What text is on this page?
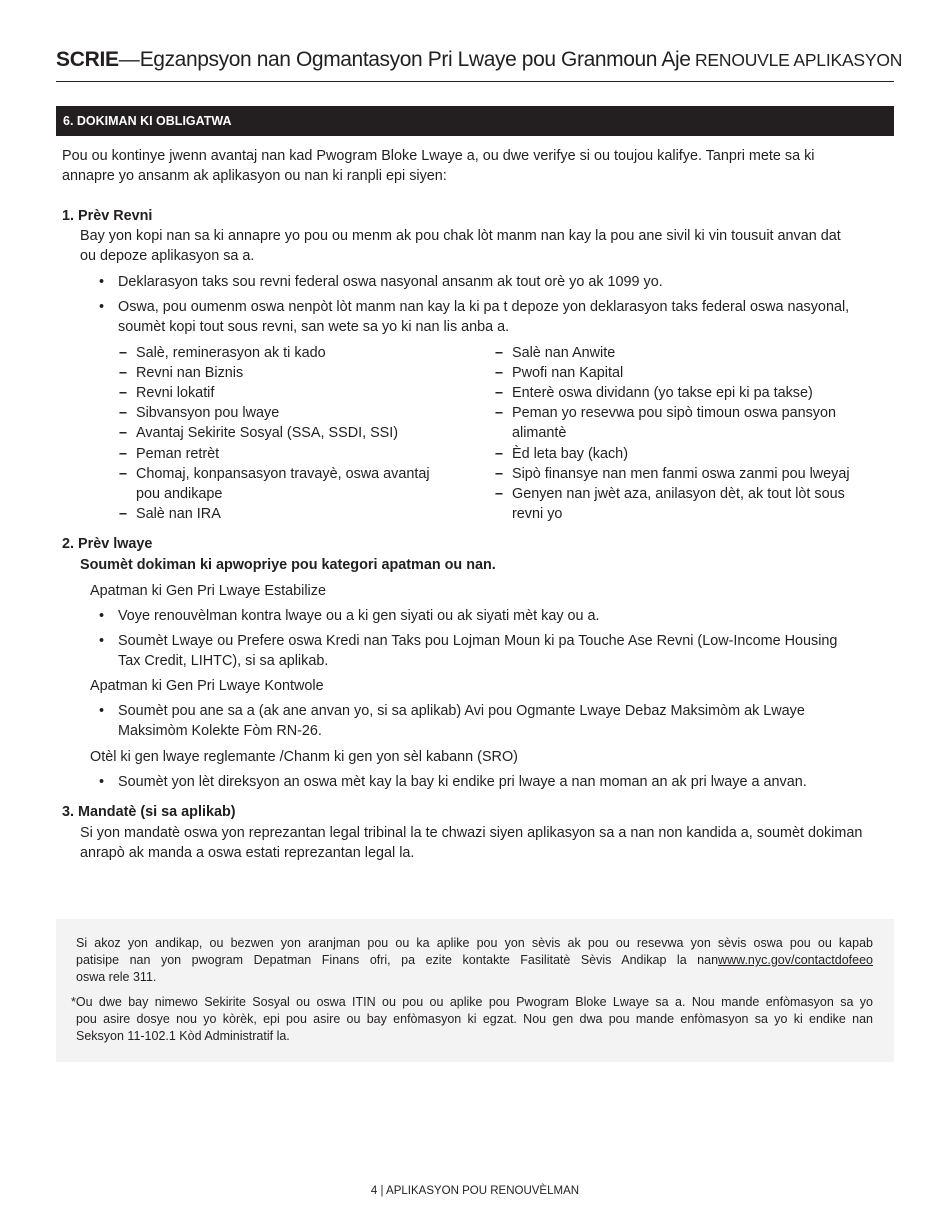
SCRIE—Egzanpsyon nan Ogmantasyon Pri Lwaye pou Granmoun Aje RENOUVLE APLIKASYON
6. DOKIMAN KI OBLIGATWA
Pou ou kontinye jwenn avantaj nan kad Pwogram Bloke Lwaye a, ou dwe verifye si ou toujou kalifye. Tanpri mete sa ki
annapre yo ansanm ak aplikasyon ou nan ki ranpli epi siyen:
1. Prèv Revni
Bay yon kopi nan sa ki annapre yo pou ou menm ak pou chak lòt manm nan kay la pou ane sivil ki vin tousuit anvan dat
ou depoze aplikasyon sa a.
• Deklarasyon taks sou revni federal oswa nasyonal ansanm ak tout orè yo ak 1099 yo.
• Oswa, pou oumenm oswa nenpòt lòt manm nan kay la ki pa t depoze yon deklarasyon taks federal oswa nasyonal,
soumèt kopi tout sous revni, san wete sa yo ki nan lis anba a.
– Salè, reminerasyon ak ti kado
– Revni nan Biznis
– Revni lokatif
– Sibvansyon pou lwaye
– Avantaj Sekirite Sosyal (SSA, SSDI, SSI)
– Peman retrèt
– Chomaj, konpansasyon travayè, oswa avantaj
pou andikape
– Salè nan IRA
– Salè nan Anwite
– Pwofi nan Kapital
– Enterè oswa dividann (yo takse epi ki pa takse)
– Peman yo resevwa pou sipò timoun oswa pansyon
alimantè
– Èd leta bay (kach)
– Sipò finansye nan men fanmi oswa zanmi pou lweyaj
– Genyen nan jwèt aza, anilasyon dèt, ak tout lòt sous
revni yo
2. Prèv lwaye
Soumèt dokiman ki apwopriye pou kategori apatman ou nan.
Apatman ki Gen Pri Lwaye Estabilize
• Voye renouvèlman kontra lwaye ou a ki gen siyati ou ak siyati mèt kay ou a.
• Soumèt Lwaye ou Prefere oswa Kredi nan Taks pou Lojman Moun ki pa Touche Ase Revni (Low-Income Housing
Tax Credit, LIHTC), si sa aplikab.
Apatman ki Gen Pri Lwaye Kontwole
• Soumèt pou ane sa a (ak ane anvan yo, si sa aplikab) Avi pou Ogmante Lwaye Debaz Maksimòm ak Lwaye
Maksimòm Kolekte Fòm RN-26.
Otèl ki gen lwaye reglemante /Chanm ki gen yon sèl kabann (SRO)
• Soumèt yon lèt direksyon an oswa mèt kay la bay ki endike pri lwaye a nan moman an ak pri lwaye a anvan.
3. Mandatè (si sa aplikab)
Si yon mandatè oswa yon reprezantan legal tribinal la te chwazi siyen aplikasyon sa a nan non kandida a, soumèt dokiman
anrapò ak manda a oswa estati reprezantan legal la.
Si akoz yon andikap, ou bezwen yon aranjman pou ou ka aplike pou yon sèvis ak pou ou resevwa yon sèvis oswa pou ou kapab
patisipe nan yon pwogram Depatman Finans ofri, pa ezite kontakte Fasilitatè Sèvis Andikap la nanwww.nyc.gov/contactdofeeo
oswa rele 311.
*Ou dwe bay nimewo Sekirite Sosyal ou oswa ITIN ou pou ou aplike pou Pwogram Bloke Lwaye sa a. Nou mande enfòmasyon sa yo
pou asire dosye nou yo kòrèk, epi pou asire ou bay enfòmasyon ki egzat. Nou gen dwa pou mande enfòmasyon sa yo ki endike nan
Seksyon 11-102.1 Kòd Administratif la.
4 | APLIKASYON POU RENOUVÈLMAN
